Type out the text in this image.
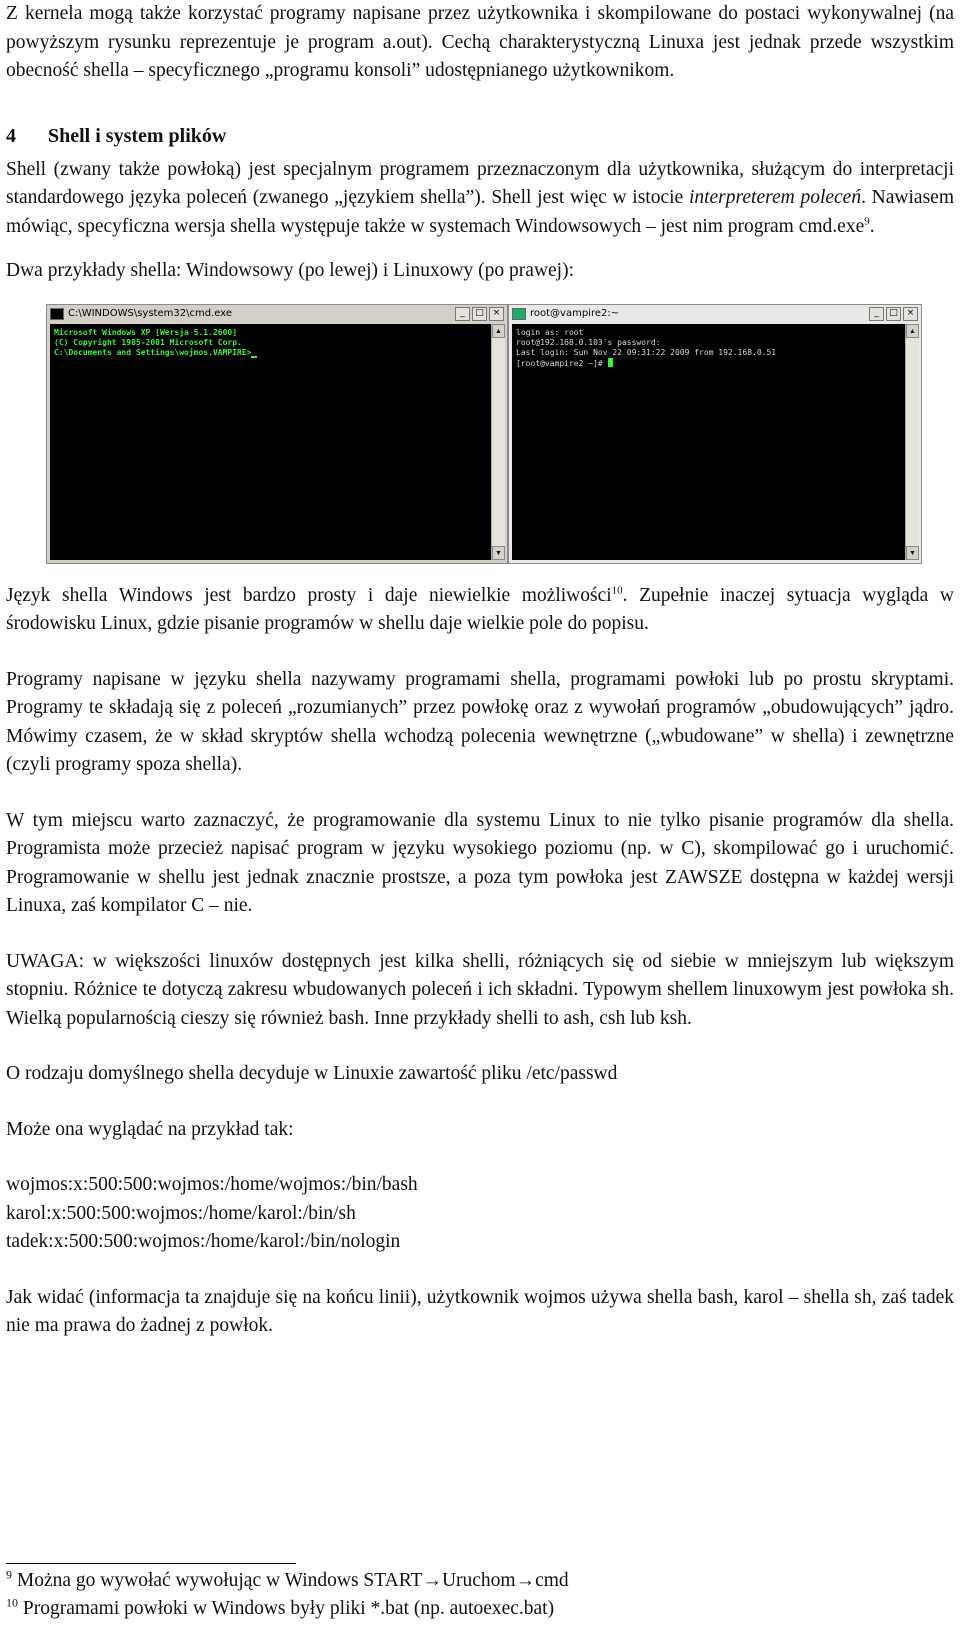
Z kernela mogą także korzystać programy napisane przez użytkownika i skompilowane do postaci wykonywalnej (na powyższym rysunku reprezentuje je program a.out). Cechą charakterystyczną Linuxa jest jednak przede wszystkim obecność shella – specyficznego „programu konsoli” udostępnianego użytkownikom.

4 Shell i system plików

Shell (zwany także powłoką) jest specjalnym programem przeznaczonym dla użytkownika, służącym do interpretacji standardowego języka poleceń (zwanego „językiem shella”). Shell jest więc w istocie interpreterem poleceń. Nawiasem mówiąc, specyficzna wersja shella występuje także w systemach Windowsowych – jest nim program cmd.exe$^9$.

Dwa przykłady shella: Windowsowy (po lewej) i Linuxowy (po prawej):

C:\WINDOWS\system32\cmd.exe	_	□ ×
Microsoft Windows XP [Wersja 5.1.2600]
(C) Copyright 1985-2001 Microsoft Corp.
C:\Documents and Settings\wojmos.VAMPIRE>
▲
▼
root@vampire2:~	_	□ ×
login as: root
root@192.168.0.103's password:
Last login: Sun Nov 22 09:31:22 2009 from 192.168.0.51
[root@vampire2 ~]#
▲
▼

Język shella Windows jest bardzo prosty i daje niewielkie możliwości$^{10}$. Zupełnie inaczej sytuacja wygląda w środowisku Linux, gdzie pisanie programów w shellu daje wielkie pole do popisu.

Programy napisane w języku shella nazywamy programami shella, programami powłoki lub po prostu skryptami. Programy te składają się z poleceń „rozumianych” przez powłokę oraz z wywołań programów „obudowujących” jądro. Mówimy czasem, że w skład skryptów shella wchodzą polecenia wewnętrzne („wbudowane” w shella) i zewnętrzne (czyli programy spoza shella).

W tym miejscu warto zaznaczyć, że programowanie dla systemu Linux to nie tylko pisanie programów dla shella. Programista może przecież napisać program w języku wysokiego poziomu (np. w C), skompilować go i uruchomić. Programowanie w shellu jest jednak znacznie prostsze, a poza tym powłoka jest ZAWSZE dostępna w każdej wersji Linuxa, zaś kompilator C – nie.

UWAGA: w większości linuxów dostępnych jest kilka shelli, różniących się od siebie w mniejszym lub większym stopniu. Różnice te dotyczą zakresu wbudowanych poleceń i ich składni. Typowym shellem linuxowym jest powłoka sh. Wielką popularnością cieszy się również bash. Inne przykłady shelli to ash, csh lub ksh.

O rodzaju domyślnego shella decyduje w Linuxie zawartość pliku /etc/passwd

Może ona wyglądać na przykład tak:

wojmos:x:500:500:wojmos:/home/wojmos:/bin/bash

karol:x:500:500:wojmos:/home/karol:/bin/sh

tadek:x:500:500:wojmos:/home/karol:/bin/nologin

Jak widać (informacja ta znajduje się na końcu linii), użytkownik wojmos używa shella bash, karol – shella sh, zaś tadek nie ma prawa do żadnej z powłok.

$^9$ Można go wywołać wywołując w Windows START→Uruchom→cmd

$^{10}$ Programami powłoki w Windows były pliki *.bat (np. autoexec.bat)
